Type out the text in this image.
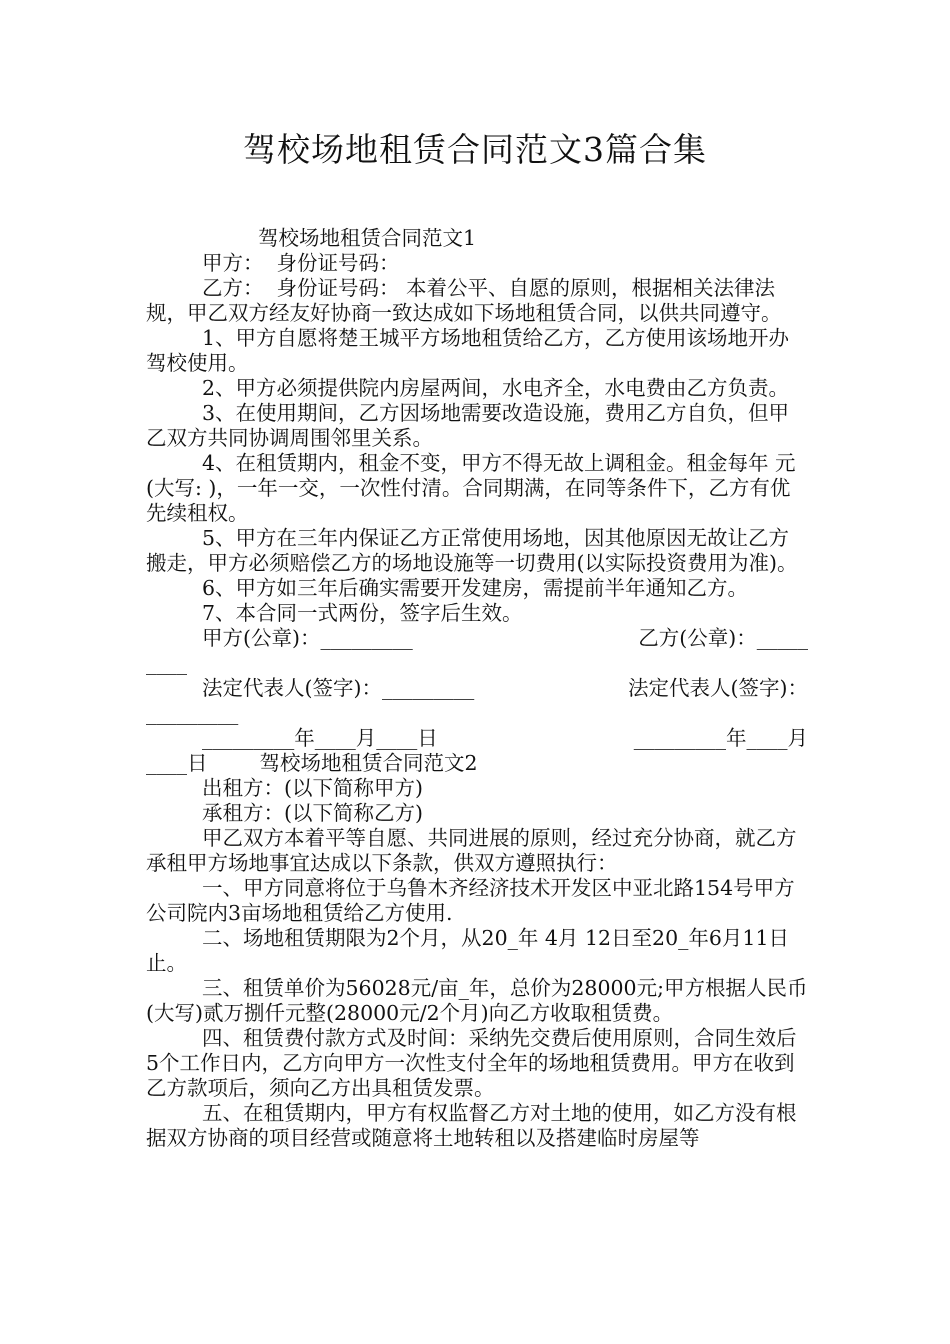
驾校场地租赁合同范文3篇合集

驾校场地租赁合同范文1

甲方：  身份证号码：

乙方：  身份证号码： 本着公平、自愿的原则，根据相关法律法规，甲乙双方经友好协商一致达成如下场地租赁合同，以供共同遵守。

1、甲方自愿将楚王城平方场地租赁给乙方，乙方使用该场地开办驾校使用。

2、甲方必须提供院内房屋两间，水电齐全，水电费由乙方负责。

3、在使用期间，乙方因场地需要改造设施，费用乙方自负，但甲乙双方共同协调周围邻里关系。

4、在租赁期内，租金不变，甲方不得无故上调租金。租金每年 元(大写: )，一年一交，一次性付清。合同期满，在同等条件下，乙方有优先续租权。

5、甲方在三年内保证乙方正常使用场地，因其他原因无故让乙方搬走，甲方必须赔偿乙方的场地设施等一切费用(以实际投资费用为准)。

6、甲方如三年后确实需要开发建房，需提前半年通知乙方。

7、本合同一式两份，签字后生效。

甲方(公章)：_________	乙方(公章)：_____
____
法定代表人(签字)：_________	法定代表人(签字)：
_________
_________年____月____日	_________年____月
____日	驾校场地租赁合同范文2

出租方：(以下简称甲方)

承租方：(以下简称乙方)

甲乙双方本着平等自愿、共同进展的原则，经过充分协商，就乙方承租甲方场地事宜达成以下条款，供双方遵照执行：

一、甲方同意将位于乌鲁木齐经济技术开发区中亚北路154号甲方公司院内3亩场地租赁给乙方使用.

二、场地租赁期限为2个月，从20_年 4月 12日至20_年6月11日止。

三、租赁单价为56028元/亩_年，总价为28000元;甲方根据人民币(大写)贰万捌仟元整(28000元/2个月)向乙方收取租赁费。

四、租赁费付款方式及时间：采纳先交费后使用原则，合同生效后5个工作日内，乙方向甲方一次性支付全年的场地租赁费用。甲方在收到乙方款项后，须向乙方出具租赁发票。

五、在租赁期内，甲方有权监督乙方对土地的使用，如乙方没有根据双方协商的项目经营或随意将土地转租以及搭建临时房屋等
